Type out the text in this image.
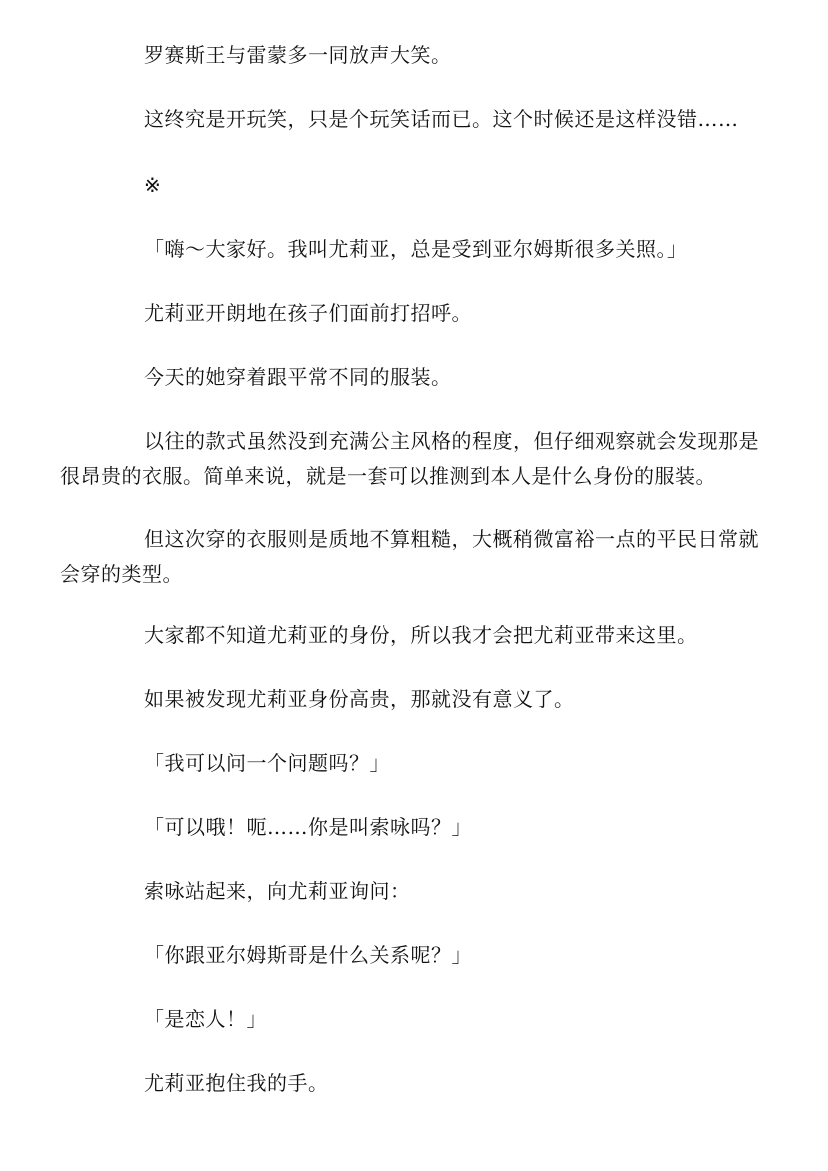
罗赛斯王与雷蒙多一同放声大笑。

这终究是开玩笑，只是个玩笑话而已。这个时候还是这样没错……

※

「嗨～大家好。我叫尤莉亚，总是受到亚尔姆斯很多关照。」

尤莉亚开朗地在孩子们面前打招呼。

今天的她穿着跟平常不同的服装。

以往的款式虽然没到充满公主风格的程度，但仔细观察就会发现那是很昂贵的衣服。简单来说，就是一套可以推测到本人是什么身份的服装。

但这次穿的衣服则是质地不算粗糙，大概稍微富裕一点的平民日常就会穿的类型。

大家都不知道尤莉亚的身份，所以我才会把尤莉亚带来这里。

如果被发现尤莉亚身份高贵，那就没有意义了。

「我可以问一个问题吗？」

「可以哦！呃……你是叫索咏吗？」

索咏站起来，向尤莉亚询问：

「你跟亚尔姆斯哥是什么关系呢？」

「是恋人！」

尤莉亚抱住我的手。
